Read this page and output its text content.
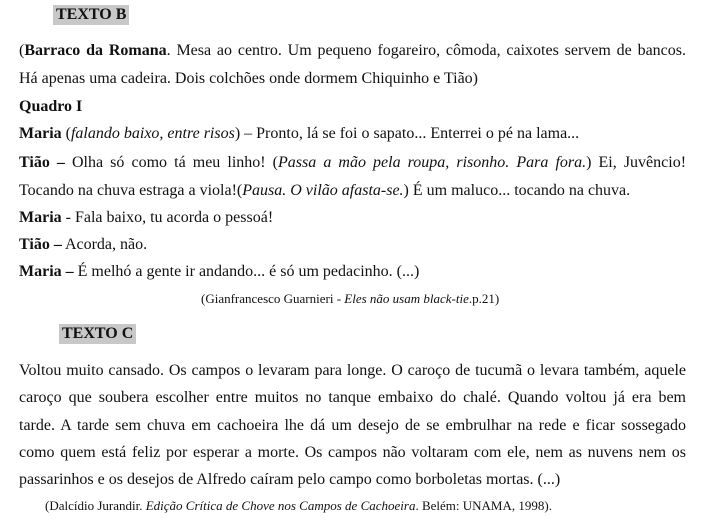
TEXTO B
(Barraco da Romana. Mesa ao centro. Um pequeno fogareiro, cômoda, caixotes servem de bancos.
Há apenas uma cadeira. Dois colchões onde dormem Chiquinho e Tião)
Quadro I
Maria (falando baixo, entre risos) – Pronto, lá se foi o sapato... Enterrei o pé na lama...
Tião – Olha só como tá meu linho! (Passa a mão pela roupa, risonho. Para fora.) Ei, Juvêncio!
Tocando na chuva estraga a viola!(Pausa. O vilão afasta-se.) É um maluco... tocando na chuva.
Maria - Fala baixo, tu acorda o pessoá!
Tião – Acorda, não.
Maria – É melhó a gente ir andando... é só um pedacinho. (...)
(Gianfrancesco Guarnieri - Eles não usam black-tie.p.21)
TEXTO C
Voltou muito cansado. Os campos o levaram para longe. O caroço de tucumã o levara também, aquele
caroço que soubera escolher entre muitos no tanque embaixo do chalé. Quando voltou já era bem
tarde. A tarde sem chuva em cachoeira lhe dá um desejo de se embrulhar na rede e ficar sossegado
como quem está feliz por esperar a morte. Os campos não voltaram com ele, nem as nuvens nem os
passarinhos e os desejos de Alfredo caíram pelo campo como borboletas mortas. (...)
(Dalcídio Jurandir. Edição Crítica de Chove nos Campos de Cachoeira. Belém: UNAMA, 1998).
